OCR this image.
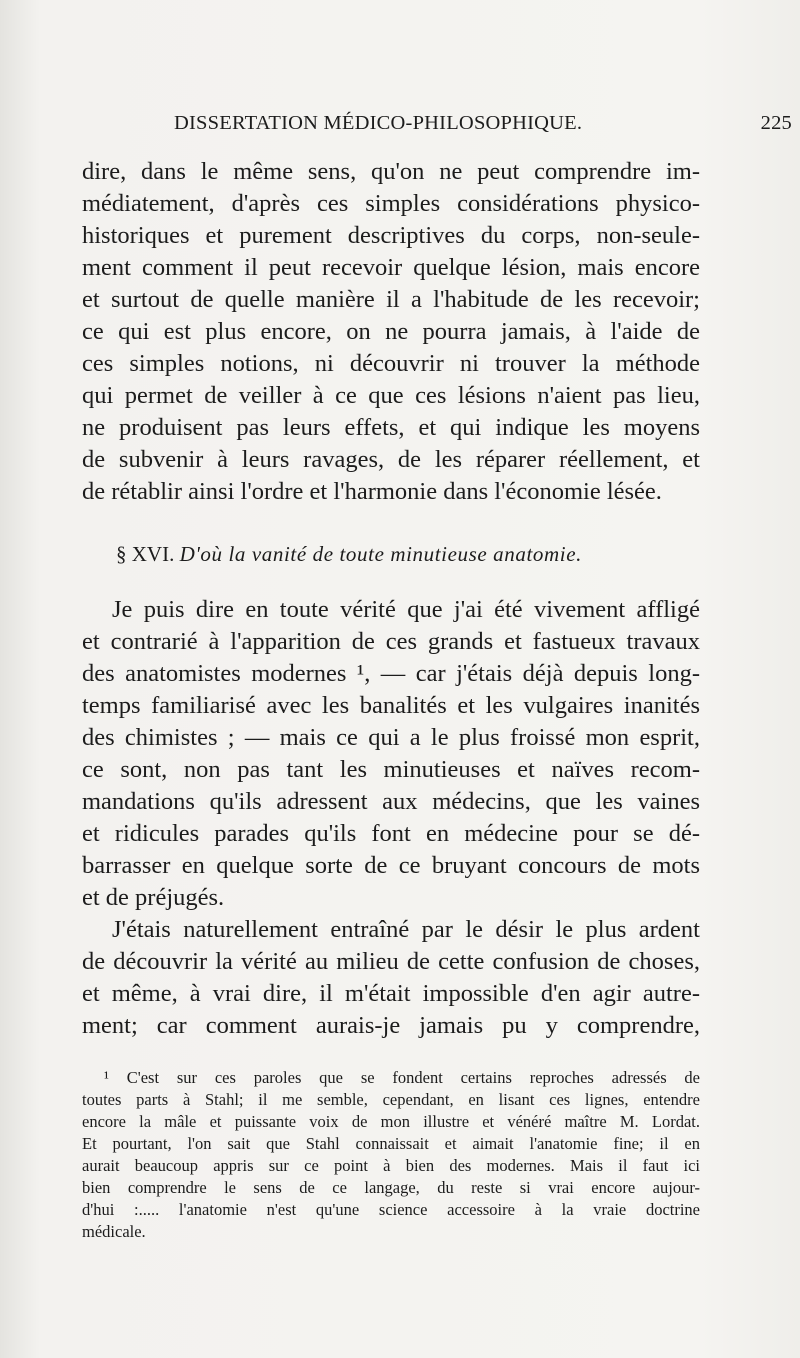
DISSERTATION MÉDICO-PHILOSOPHIQUE.	225
dire, dans le même sens, qu'on ne peut comprendre im-
médiatement, d'après ces simples considérations physico-
historiques et purement descriptives du corps, non-seule-
ment comment il peut recevoir quelque lésion, mais encore
et surtout de quelle manière il a l'habitude de les recevoir;
ce qui est plus encore, on ne pourra jamais, à l'aide de
ces simples notions, ni découvrir ni trouver la méthode
qui permet de veiller à ce que ces lésions n'aient pas lieu,
ne produisent pas leurs effets, et qui indique les moyens
de subvenir à leurs ravages, de les réparer réellement, et
de rétablir ainsi l'ordre et l'harmonie dans l'économie lésée.
§ XVI. D'où la vanité de toute minutieuse anatomie.
Je puis dire en toute vérité que j'ai été vivement affligé
et contrarié à l'apparition de ces grands et fastueux travaux
des anatomistes modernes ¹, — car j'étais déjà depuis long-
temps familiarisé avec les banalités et les vulgaires inanités
des chimistes ; — mais ce qui a le plus froissé mon esprit,
ce sont, non pas tant les minutieuses et naïves recom-
mandations qu'ils adressent aux médecins, que les vaines
et ridicules parades qu'ils font en médecine pour se dé-
barrasser en quelque sorte de ce bruyant concours de mots
et de préjugés.
J'étais naturellement entraîné par le désir le plus ardent
de découvrir la vérité au milieu de cette confusion de choses,
et même, à vrai dire, il m'était impossible d'en agir autre-
ment; car comment aurais-je jamais pu y comprendre,
¹ C'est sur ces paroles que se fondent certains reproches adressés de
toutes parts à Stahl; il me semble, cependant, en lisant ces lignes, entendre
encore la mâle et puissante voix de mon illustre et vénéré maître M. Lordat.
Et pourtant, l'on sait que Stahl connaissait et aimait l'anatomie fine; il en
aurait beaucoup appris sur ce point à bien des modernes. Mais il faut ici
bien comprendre le sens de ce langage, du reste si vrai encore aujour-
d'hui :..... l'anatomie n'est qu'une science accessoire à la vraie doctrine
médicale.
